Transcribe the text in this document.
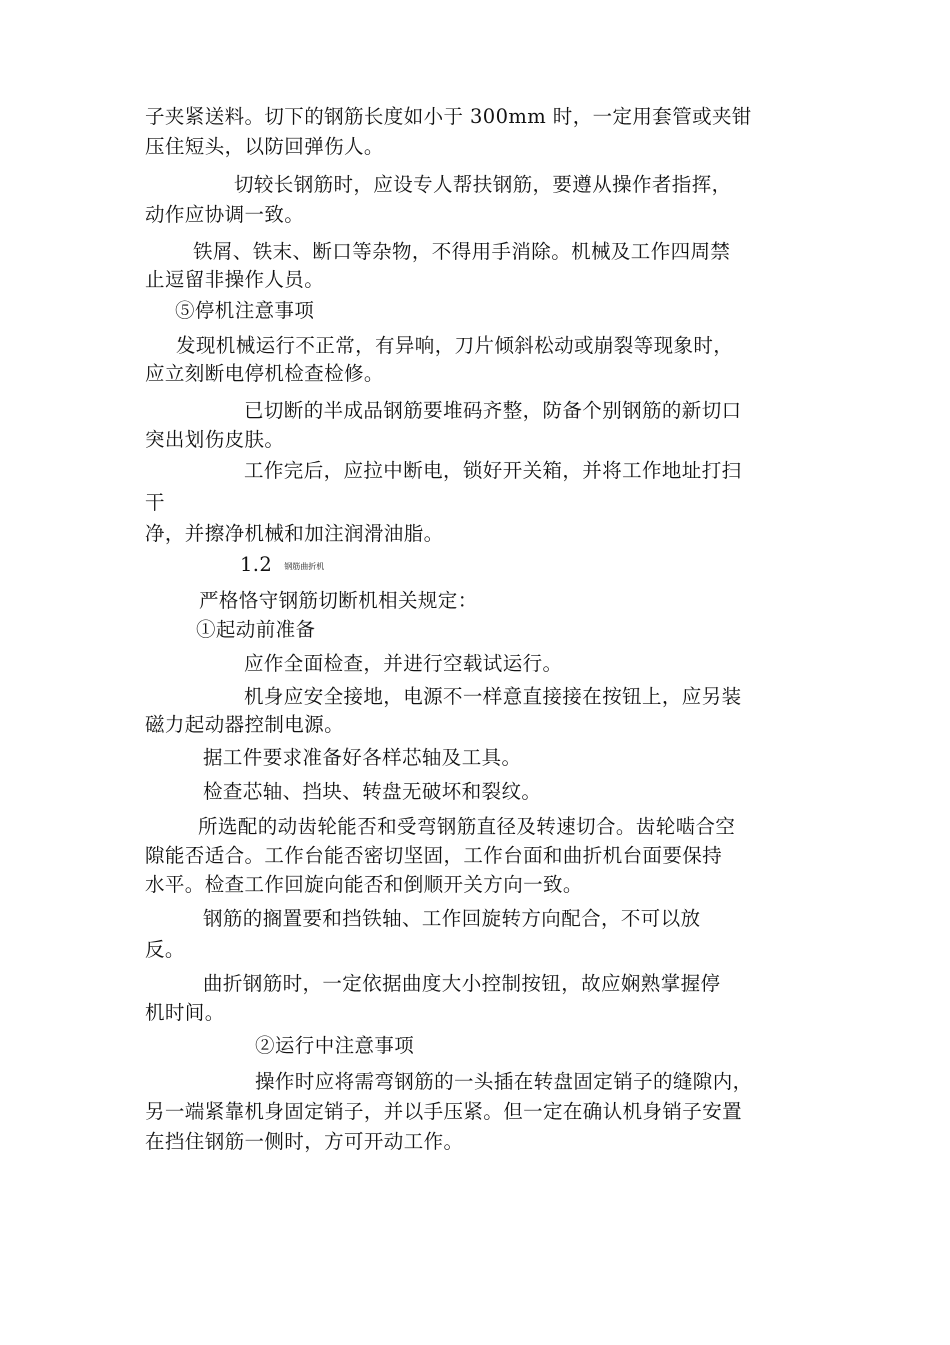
子夹紧送料。切下的钢筋长度如小于 300mm 时，一定用套管或夹钳
压住短头，以防回弹伤人。
切较长钢筋时，应设专人帮扶钢筋，要遵从操作者指挥，
动作应协调一致。
铁屑、铁末、断口等杂物，不得用手消除。机械及工作四周禁
止逗留非操作人员。
⑤停机注意事项
发现机械运行不正常，有异响，刀片倾斜松动或崩裂等现象时，
应立刻断电停机检查检修。
已切断的半成品钢筋要堆码齐整，防备个别钢筋的新切口
突出划伤皮肤。
工作完后，应拉中断电，锁好开关箱，并将工作地址打扫
干
净，并擦净机械和加注润滑油脂。
1.2 钢筋曲折机
严格恪守钢筋切断机相关规定：
①起动前准备
应作全面检查，并进行空载试运行。
机身应安全接地，电源不一样意直接接在按钮上，应另装
磁力起动器控制电源。
据工件要求准备好各样芯轴及工具。
检查芯轴、挡块、转盘无破坏和裂纹。
所选配的动齿轮能否和受弯钢筋直径及转速切合。齿轮啮合空
隙能否适合。工作台能否密切坚固，工作台面和曲折机台面要保持
水平。检查工作回旋向能否和倒顺开关方向一致。
钢筋的搁置要和挡铁轴、工作回旋转方向配合，不可以放
反。
曲折钢筋时，一定依据曲度大小控制按钮，故应娴熟掌握停
机时间。
②运行中注意事项
操作时应将需弯钢筋的一头插在转盘固定销子的缝隙内，
另一端紧靠机身固定销子，并以手压紧。但一定在确认机身销子安置
在挡住钢筋一侧时，方可开动工作。
